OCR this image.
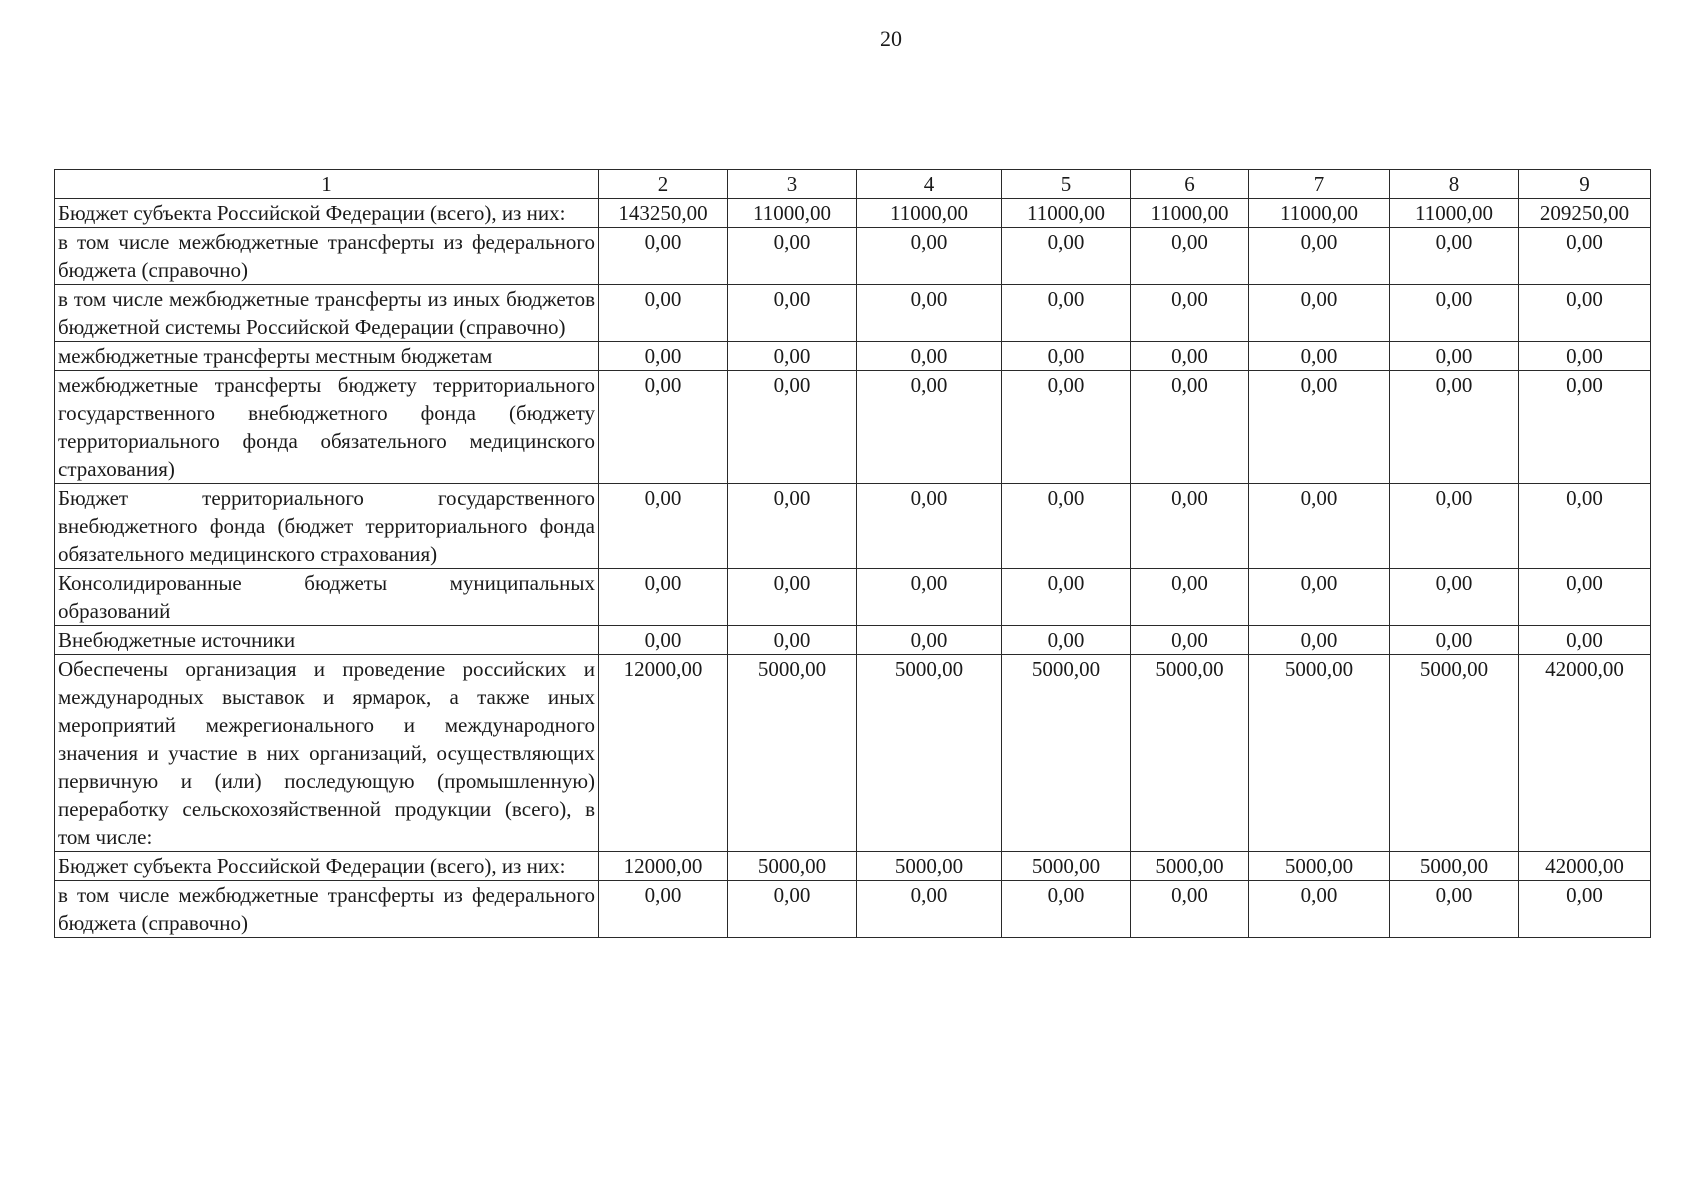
20
1	2	3	4	5	6	7	8	9
Бюджет субъекта Российской Федерации (всего), из них:	143250,00	11000,00	11000,00	11000,00	11000,00	11000,00	11000,00	209250,00
в том числе межбюджетные трансферты из федерального бюджета (справочно)	0,00	0,00	0,00	0,00	0,00	0,00	0,00	0,00
в том числе межбюджетные трансферты из иных бюджетов бюджетной системы Российской Федерации (справочно)	0,00	0,00	0,00	0,00	0,00	0,00	0,00	0,00
межбюджетные трансферты местным бюджетам	0,00	0,00	0,00	0,00	0,00	0,00	0,00	0,00
межбюджетные трансферты бюджету территориального государственного внебюджетного фонда (бюджету территориального фонда обязательного медицинского страхования)	0,00	0,00	0,00	0,00	0,00	0,00	0,00	0,00
Бюджет территориального государственного внебюджетного фонда (бюджет территориального фонда обязательного медицинского страхования)	0,00	0,00	0,00	0,00	0,00	0,00	0,00	0,00
Консолидированные бюджеты муниципальных образований	0,00	0,00	0,00	0,00	0,00	0,00	0,00	0,00
Внебюджетные источники	0,00	0,00	0,00	0,00	0,00	0,00	0,00	0,00
Обеспечены организация и проведение российских и международных выставок и ярмарок, а также иных мероприятий межрегионального и международного значения и участие в них организаций, осуществляющих первичную и (или) последующую (промышленную) переработку сельскохозяйственной продукции (всего), в том числе:	12000,00	5000,00	5000,00	5000,00	5000,00	5000,00	5000,00	42000,00
Бюджет субъекта Российской Федерации (всего), из них:	12000,00	5000,00	5000,00	5000,00	5000,00	5000,00	5000,00	42000,00
в том числе межбюджетные трансферты из федерального бюджета (справочно)	0,00	0,00	0,00	0,00	0,00	0,00	0,00	0,00
